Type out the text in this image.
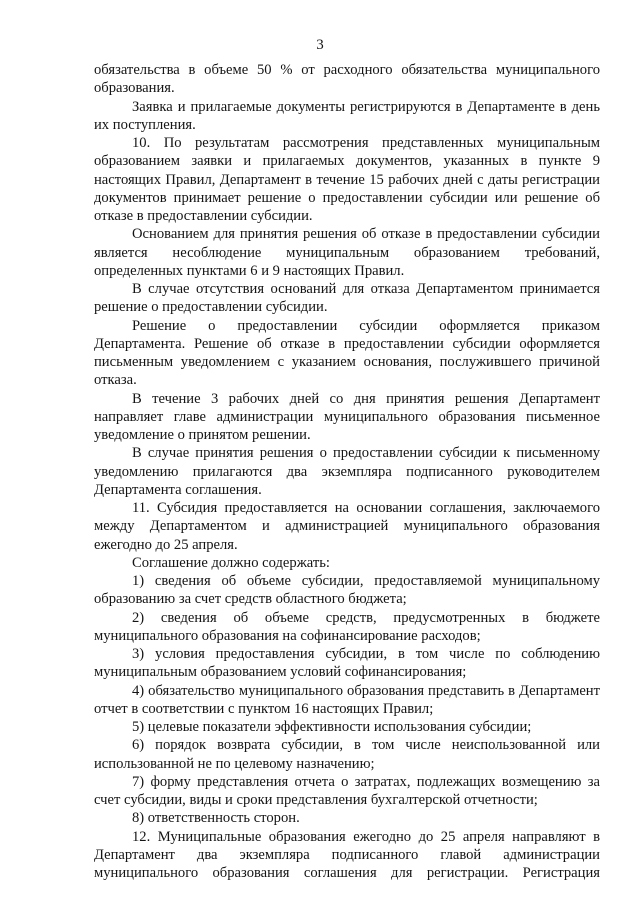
3

обязательства в объеме 50 % от расходного обязательства муниципального образования.

Заявка и прилагаемые документы регистрируются в Департаменте в день их поступления.

10. По результатам рассмотрения представленных муниципальным образованием заявки и прилагаемых документов, указанных в пункте 9 настоящих Правил, Департамент в течение 15 рабочих дней с даты регистрации документов принимает решение о предоставлении субсидии или решение об отказе в предоставлении субсидии.

Основанием для принятия решения об отказе в предоставлении субсидии является несоблюдение муниципальным образованием требований, определенных пунктами 6 и 9 настоящих Правил.

В случае отсутствия оснований для отказа Департаментом принимается решение о предоставлении субсидии.

Решение о предоставлении субсидии оформляется приказом Департамента. Решение об отказе в предоставлении субсидии оформляется письменным уведомлением с указанием основания, послужившего причиной отказа.

В течение 3 рабочих дней со дня принятия решения Департамент направляет главе администрации муниципального образования письменное уведомление о принятом решении.

В случае принятия решения о предоставлении субсидии к письменному уведомлению прилагаются два экземпляра подписанного руководителем Департамента соглашения.

11. Субсидия предоставляется на основании соглашения, заключаемого между Департаментом и администрацией муниципального образования ежегодно до 25 апреля.

Соглашение должно содержать:

1) сведения об объеме субсидии, предоставляемой муниципальному образованию за счет средств областного бюджета;

2) сведения об объеме средств, предусмотренных в бюджете муниципального образования на софинансирование расходов;

3) условия предоставления субсидии, в том числе по соблюдению муниципальным образованием условий софинансирования;

4) обязательство муниципального образования представить в Департамент отчет в соответствии с пунктом 16 настоящих Правил;

5) целевые показатели эффективности использования субсидии;

6) порядок возврата субсидии, в том числе неиспользованной или использованной не по целевому назначению;

7) форму представления отчета о затратах, подлежащих возмещению за счет субсидии, виды и сроки представления бухгалтерской отчетности;

8) ответственность сторон.

12. Муниципальные образования ежегодно до 25 апреля направляют в Департамент два экземпляра подписанного главой администрации муниципального образования соглашения для регистрации. Регистрация
